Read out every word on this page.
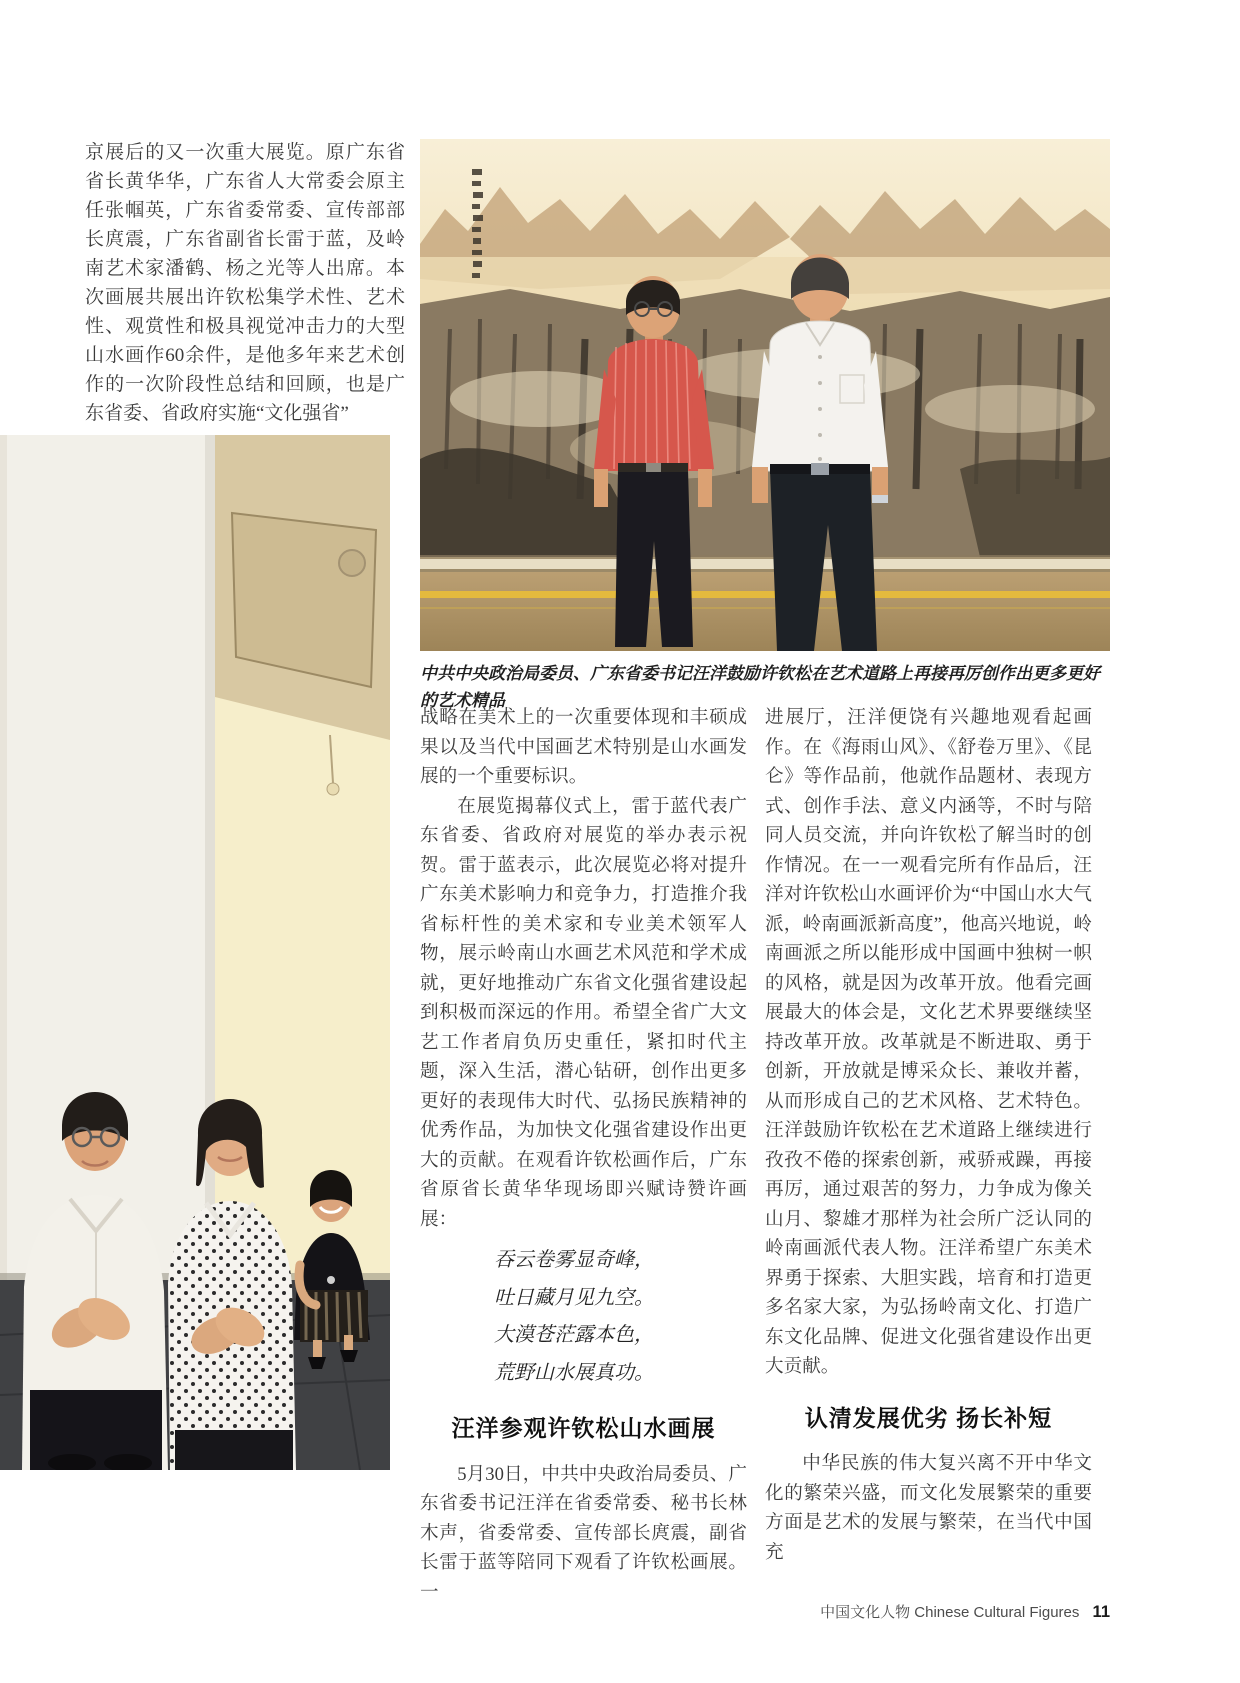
京展后的又一次重大展览。原广东省省长黄华华，广东省人大常委会原主任张帼英，广东省委常委、宣传部部长庹震，广东省副省长雷于蓝，及岭南艺术家潘鹤、杨之光等人出席。本次画展共展出许钦松集学术性、艺术性、观赏性和极具视觉冲击力的大型山水画作60余件，是他多年来艺术创作的一次阶段性总结和回顾，也是广东省委、省政府实施“文化强省”
中共中央政治局委员、广东省委书记汪洋鼓励许钦松在艺术道路上再接再厉创作出更多更好的艺术精品

战略在美术上的一次重要体现和丰硕成果以及当代中国画艺术特别是山水画发展的一个重要标识。

在展览揭幕仪式上，雷于蓝代表广东省委、省政府对展览的举办表示祝贺。雷于蓝表示，此次展览必将对提升广东美术影响力和竞争力，打造推介我省标杆性的美术家和专业美术领军人物，展示岭南山水画艺术风范和学术成就，更好地推动广东省文化强省建设起到积极而深远的作用。希望全省广大文艺工作者肩负历史重任，紧扣时代主题，深入生活，潜心钻研，创作出更多更好的表现伟大时代、弘扬民族精神的优秀作品，为加快文化强省建设作出更大的贡献。在观看许钦松画作后，广东省原省长黄华华现场即兴赋诗赞许画展：

吞云卷雾显奇峰，
吐日藏月见九空。
大漠苍茫露本色，
荒野山水展真功。
汪洋参观许钦松山水画展

5月30日，中共中央政治局委员、广东省委书记汪洋在省委常委、秘书长林木声，省委常委、宣传部长庹震，副省长雷于蓝等陪同下观看了许钦松画展。一

进展厅，汪洋便饶有兴趣地观看起画作。在《海雨山风》、《舒卷万里》、《昆仑》等作品前，他就作品题材、表现方式、创作手法、意义内涵等，不时与陪同人员交流，并向许钦松了解当时的创作情况。在一一观看完所有作品后，汪洋对许钦松山水画评价为“中国山水大气派，岭南画派新高度”，他高兴地说，岭南画派之所以能形成中国画中独树一帜的风格，就是因为改革开放。他看完画展最大的体会是，文化艺术界要继续坚持改革开放。改革就是不断进取、勇于创新，开放就是博采众长、兼收并蓄，从而形成自己的艺术风格、艺术特色。汪洋鼓励许钦松在艺术道路上继续进行孜孜不倦的探索创新，戒骄戒躁，再接再厉，通过艰苦的努力，力争成为像关山月、黎雄才那样为社会所广泛认同的岭南画派代表人物。汪洋希望广东美术界勇于探索、大胆实践，培育和打造更多名家大家，为弘扬岭南文化、打造广东文化品牌、促进文化强省建设作出更大贡献。

认清发展优劣 扬长补短

中华民族的伟大复兴离不开中华文化的繁荣兴盛，而文化发展繁荣的重要方面是艺术的发展与繁荣，在当代中国充

中国文化人物 Chinese Cultural Figures 11
